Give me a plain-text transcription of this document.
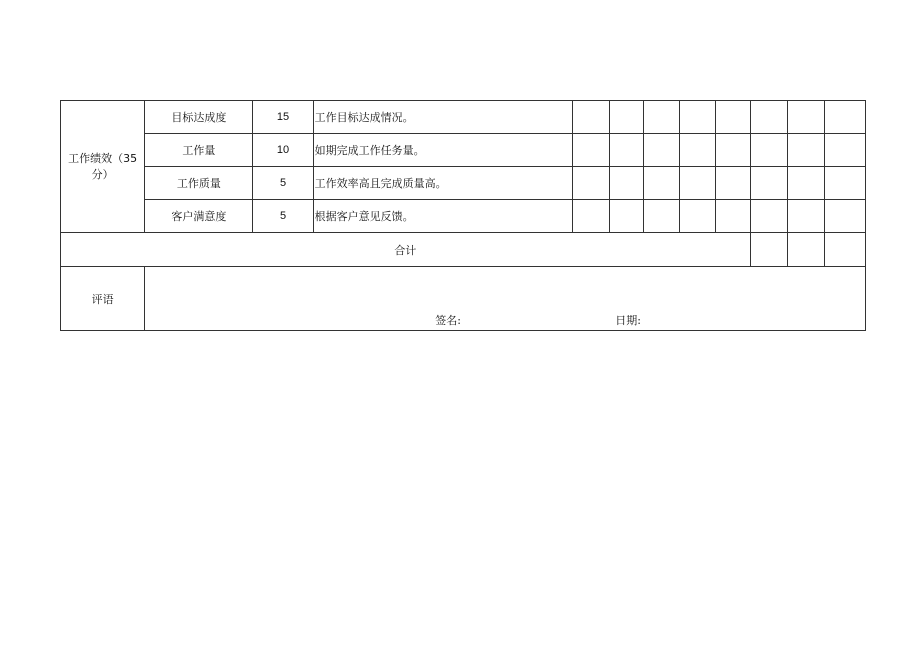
工作绩效（35分）	目标达成度	15	工作目标达成情况。								
	工作量	10	如期完成工作任务量。								
	工作质量	5	工作效率高且完成质量高。								
	客户满意度	5	根据客户意见反馈。								
合计											
评语	签名: 日期:										
